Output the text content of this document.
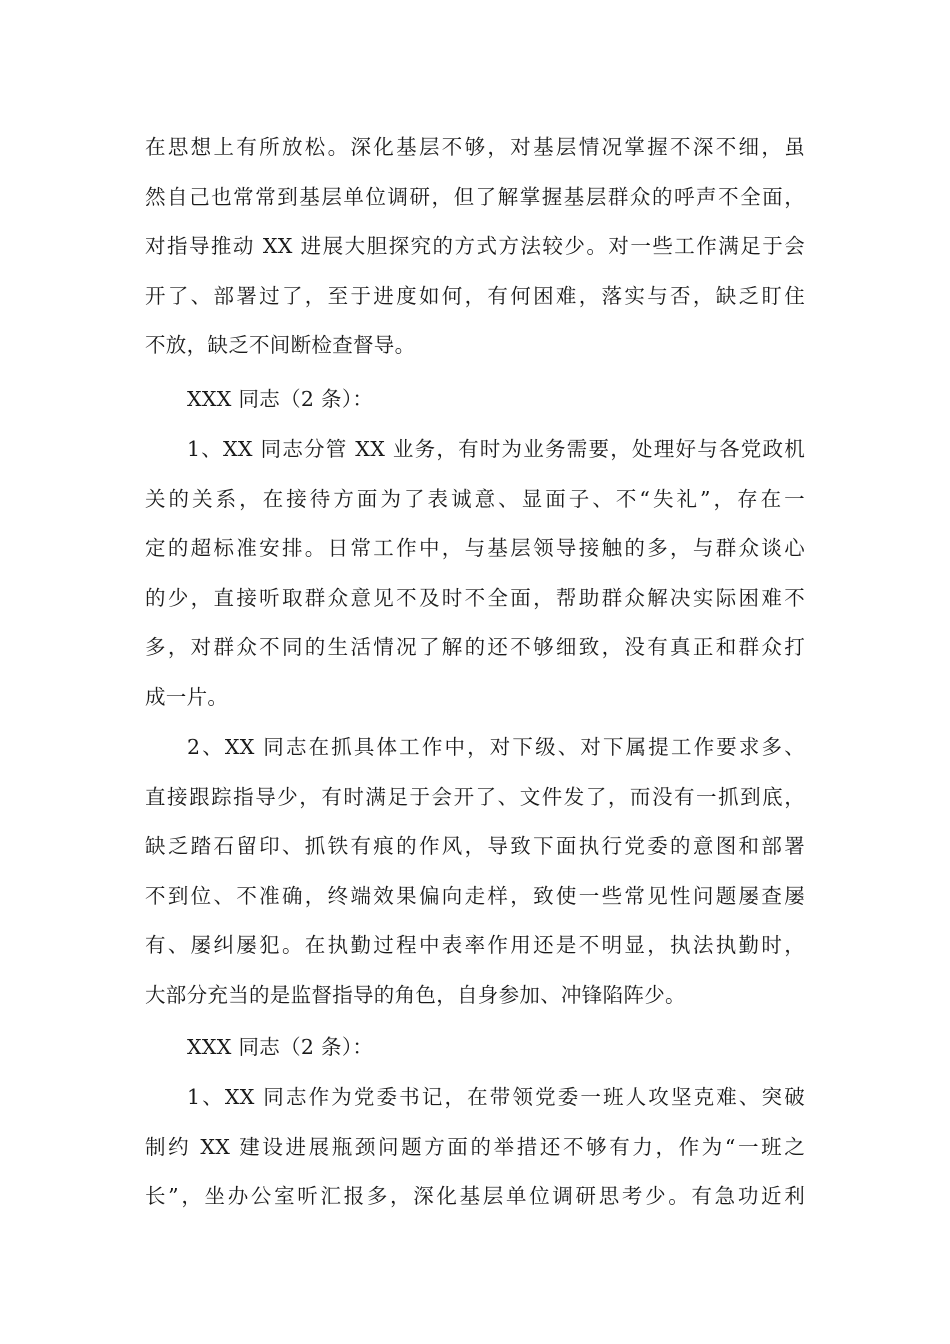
在思想上有所放松。深化基层不够，对基层情况掌握不深不细，虽
然自己也常常到基层单位调研，但了解掌握基层群众的呼声不全面，
对指导推动 XX 进展大胆探究的方式方法较少。对一些工作满足于会
开了、部署过了，至于进度如何，有何困难，落实与否，缺乏盯住
不放，缺乏不间断检查督导。
XXX 同志（2 条）：
1、XX 同志分管 XX 业务，有时为业务需要，处理好与各党政机
关的关系，在接待方面为了表诚意、显面子、不“失礼”，存在一
定的超标准安排。日常工作中，与基层领导接触的多，与群众谈心
的少，直接听取群众意见不及时不全面，帮助群众解决实际困难不
多，对群众不同的生活情况了解的还不够细致，没有真正和群众打
成一片。
2、XX 同志在抓具体工作中，对下级、对下属提工作要求多、
直接跟踪指导少，有时满足于会开了、文件发了，而没有一抓到底，
缺乏踏石留印、抓铁有痕的作风，导致下面执行党委的意图和部署
不到位、不准确，终端效果偏向走样，致使一些常见性问题屡查屡
有、屡纠屡犯。在执勤过程中表率作用还是不明显，执法执勤时，
大部分充当的是监督指导的角色，自身参加、冲锋陷阵少。
XXX 同志（2 条）：
1、XX 同志作为党委书记，在带领党委一班人攻坚克难、突破
制约 XX 建设进展瓶颈问题方面的举措还不够有力，作为“一班之
长”，坐办公室听汇报多，深化基层单位调研思考少。有急功近利
